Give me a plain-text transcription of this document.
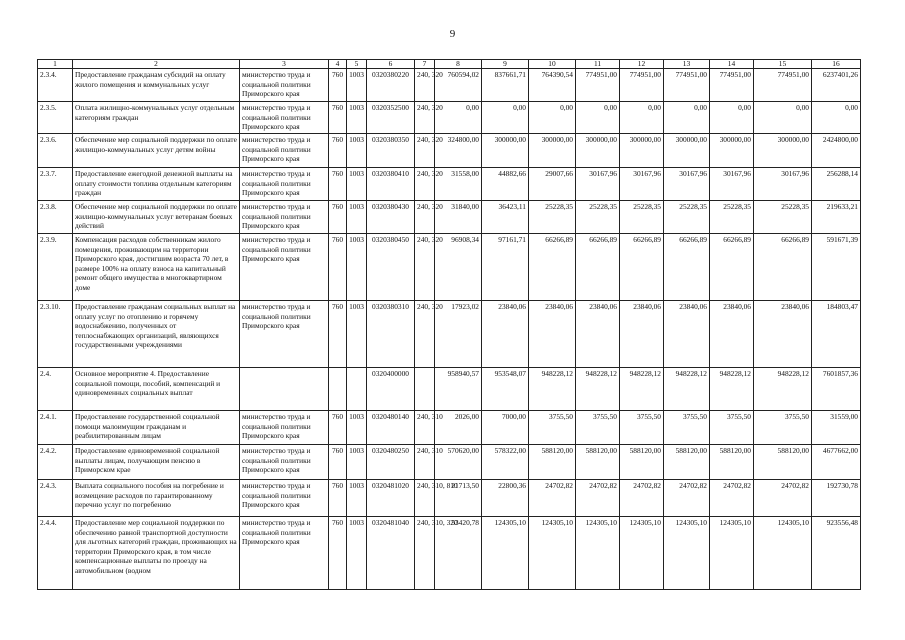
9
1	2	3	4	5	6	7	8	9	10	11	12	13	14	15	16
2.3.4.	Предоставление гражданам субсидий на оплату жилого помещения и коммунальных услуг	министерство труда и социальной политики Приморского края	760	1003	0320380220	240, 320	760594,02	837661,71	764390,54	774951,00	774951,00	774951,00	774951,00	774951,00	6237401,26
2.3.5.	Оплата жилищно-коммунальных услуг отдельным категориям граждан	министерство труда и социальной политики Приморского края	760	1003	0320352500	240, 320	0,00	0,00	0,00	0,00	0,00	0,00	0,00	0,00	0,00
2.3.6.	Обеспечение мер социальной поддержки по оплате жилищно-коммунальных услуг детям войны	министерство труда и социальной политики Приморского края	760	1003	0320380350	240, 320	324800,00	300000,00	300000,00	300000,00	300000,00	300000,00	300000,00	300000,00	2424800,00
2.3.7.	Предоставление ежегодной денежной выплаты на оплату стоимости топлива отдельным категориям граждан	министерство труда и социальной политики Приморского края	760	1003	0320380410	240, 320	31558,00	44882,66	29007,66	30167,96	30167,96	30167,96	30167,96	30167,96	256288,14
2.3.8.	Обеспечение мер социальной поддержки по оплате жилищно-коммунальных услуг ветеранам боевых действий	министерство труда и социальной политики Приморского края	760	1003	0320380430	240, 320	31840,00	36423,11	25228,35	25228,35	25228,35	25228,35	25228,35	25228,35	219633,21
2.3.9.	Компенсация расходов собственникам жилого помещения, проживающим на территории Приморского края, достигшим возраста 70 лет, в размере 100% на оплату взноса на капитальный ремонт общего имущества в многоквартирном доме	министерство труда и социальной политики Приморского края	760	1003	0320380450	240, 320	96908,34	97161,71	66266,89	66266,89	66266,89	66266,89	66266,89	66266,89	591671,39
2.3.10.	Предоставление гражданам социальных выплат на оплату услуг по отоплению и горячему водоснабжению, полученных от теплоснабжающих организаций, являющихся государственными учреждениями	министерство труда и социальной политики Приморского края	760	1003	0320380310	240, 320	17923,02	23840,06	23840,06	23840,06	23840,06	23840,06	23840,06	23840,06	184803,47
2.4.	Основное мероприятие 4. Предоставление социальной помощи, пособий, компенсаций и единовременных социальных выплат				0320400000		958940,57	953548,07	948228,12	948228,12	948228,12	948228,12	948228,12	948228,12	7601857,36
2.4.1.	Предоставление государственной социальной помощи малоимущим гражданам и реабилитированным лицам	министерство труда и социальной политики Приморского края	760	1003	0320480140	240, 310	2026,00	7000,00	3755,50	3755,50	3755,50	3755,50	3755,50	3755,50	31559,00
2.4.2.	Предоставление единовременной социальной выплаты лицам, получающим пенсию в Приморском крае	министерство труда и социальной политики Приморского края	760	1003	0320480250	240, 310	570620,00	578322,00	588120,00	588120,00	588120,00	588120,00	588120,00	588120,00	4677662,00
2.4.3.	Выплата социального пособия на погребение и возмещение расходов по гарантированному перечню услуг по погребению	министерство труда и социальной политики Приморского края	760	1003	0320481020	240, 310, 810	21713,50	22800,36	24702,82	24702,82	24702,82	24702,82	24702,82	24702,82	192730,78
2.4.4.	Предоставление мер социальной поддержки по обеспечению равной транспортной доступности для льготных категорий граждан, проживающих на территории Приморского края, в том числе компенсационные выплаты по проезду на автомобильном (водном	министерство труда и социальной политики Приморского края	760	1003	0320481040	240, 310, 320	53420,78	124305,10	124305,10	124305,10	124305,10	124305,10	124305,10	124305,10	923556,48
